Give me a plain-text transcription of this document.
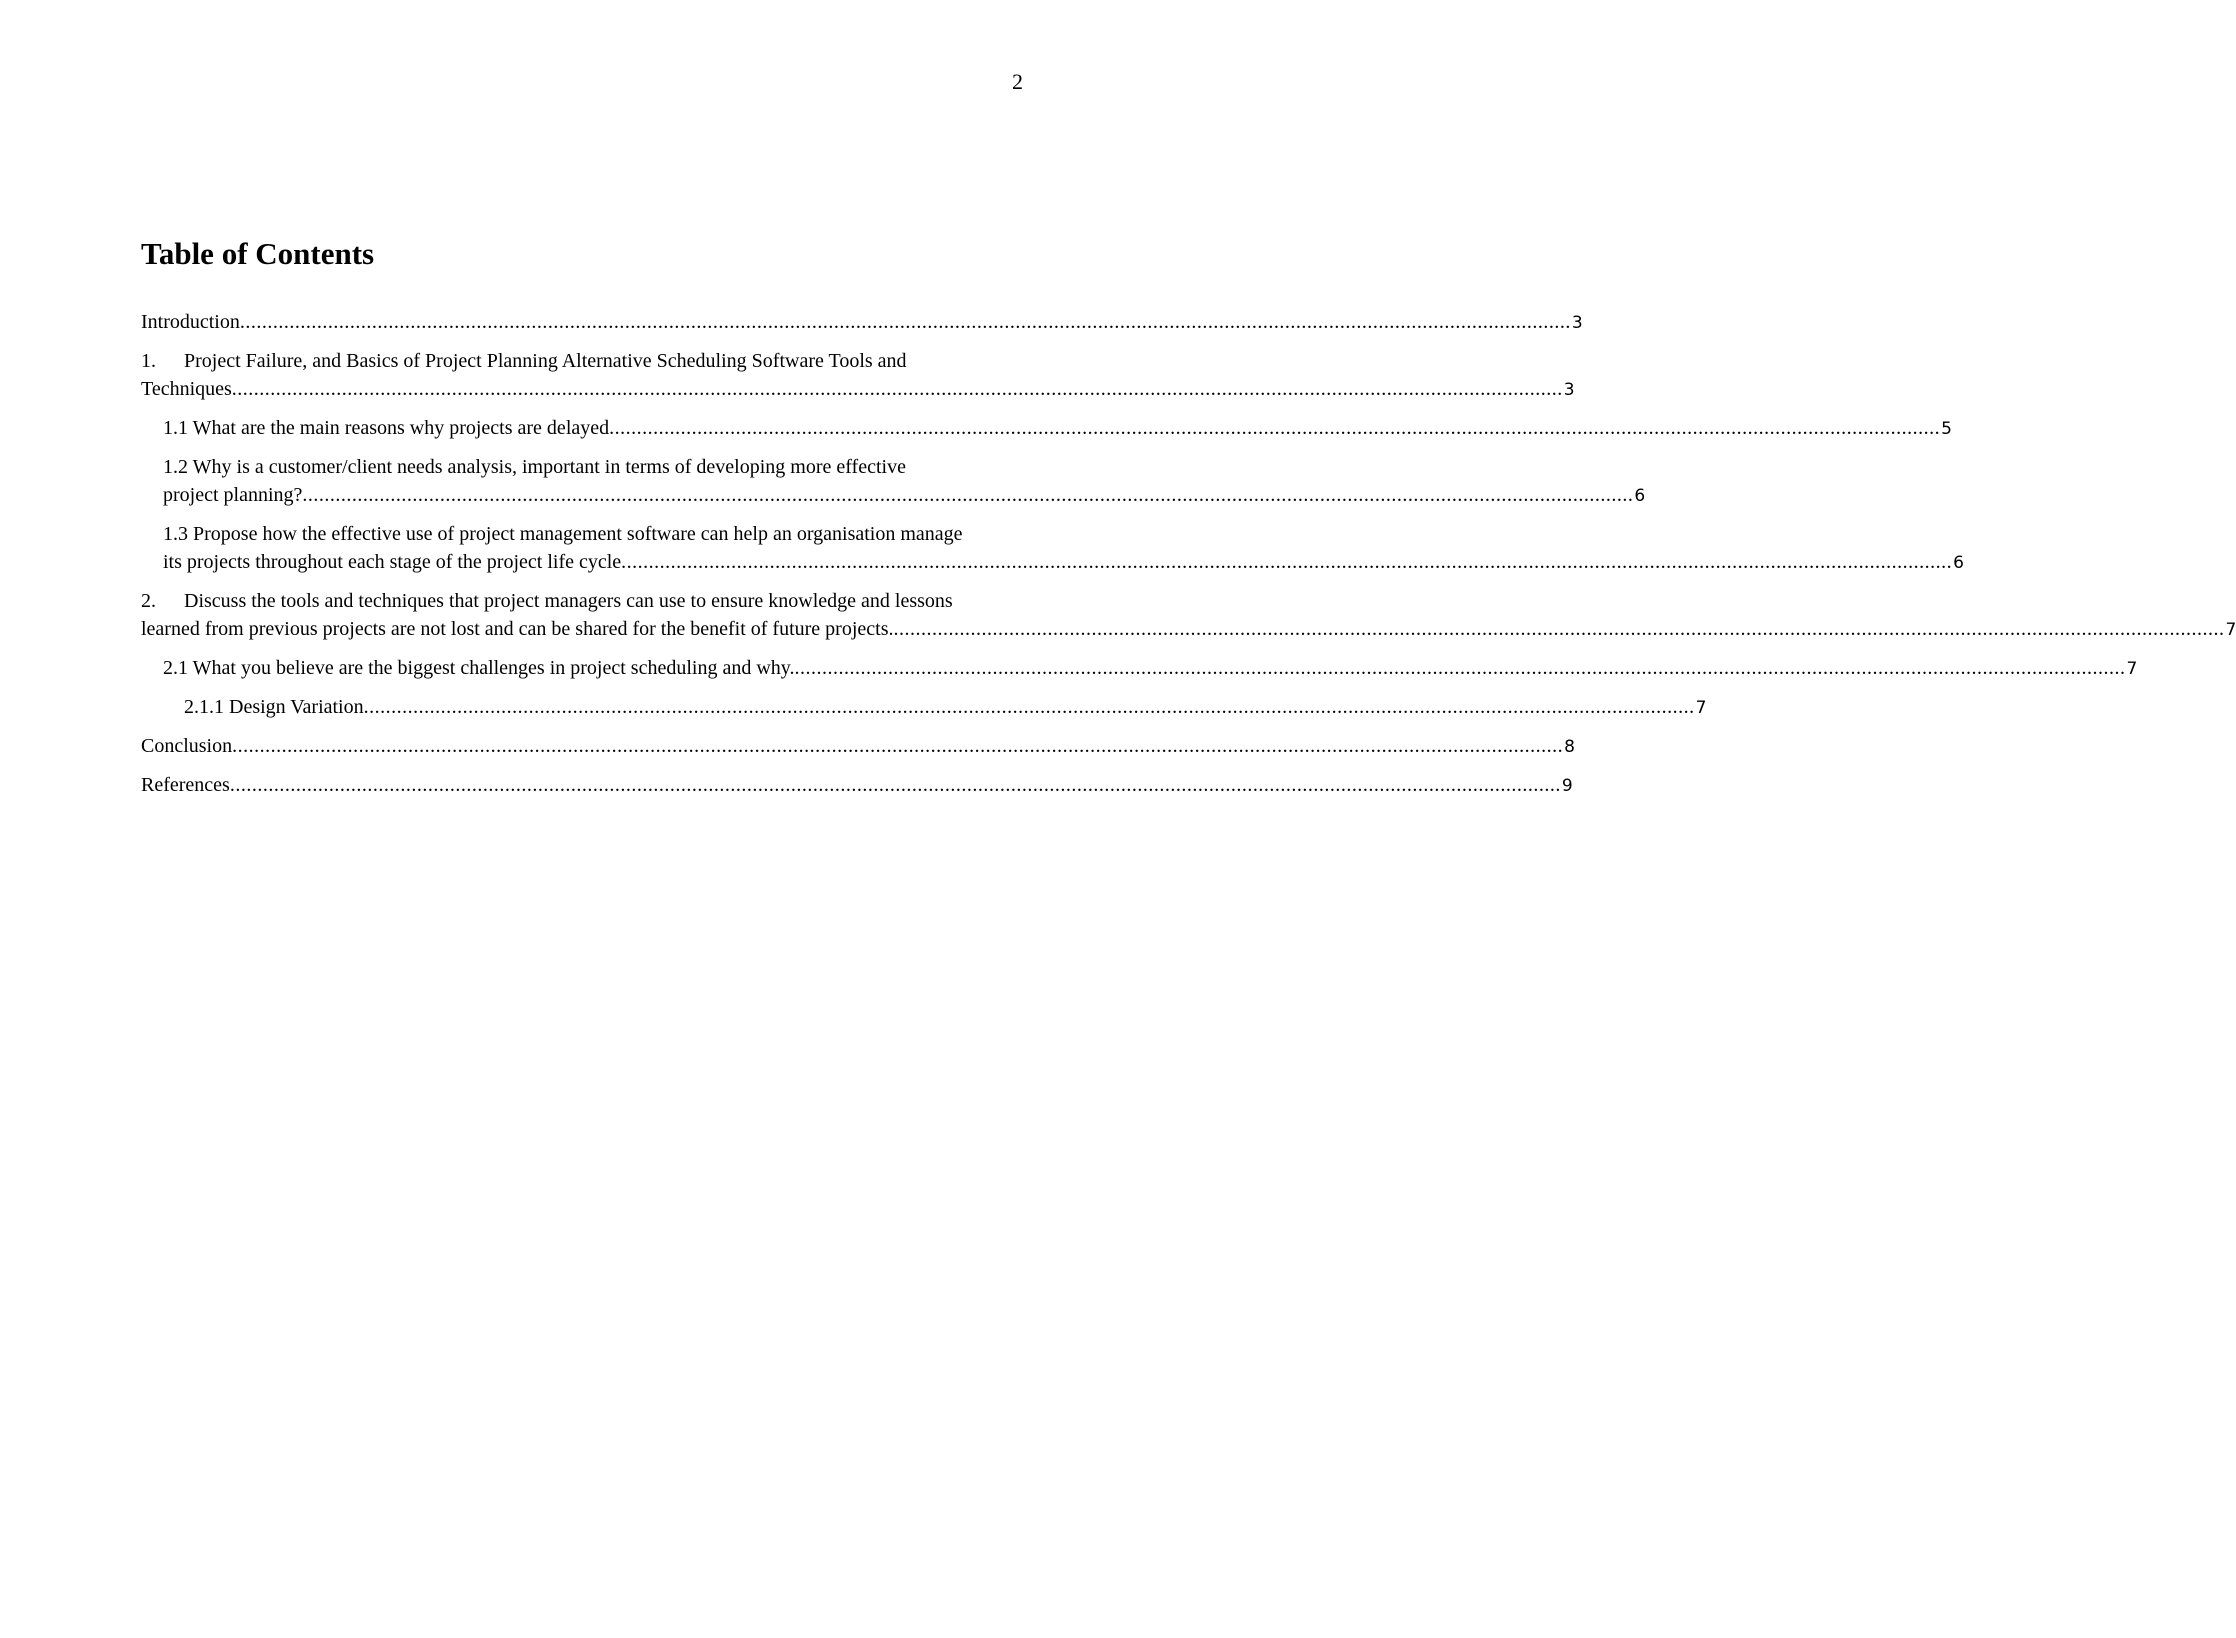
2
Table of Contents
Introduction .....	3
1. Project Failure, and Basics of Project Planning Alternative Scheduling Software Tools and
Techniques .....	3
1.1 What are the main reasons why projects are delayed .....	5
1.2 Why is a customer/client needs analysis, important in terms of developing more effective
project planning? .....	6
1.3 Propose how the effective use of project management software can help an organisation manage
its projects throughout each stage of the project life cycle .....	6
2. Discuss the tools and techniques that project managers can use to ensure knowledge and lessons
learned from previous projects are not lost and can be shared for the benefit of future projects. .....	7
2.1 What you believe are the biggest challenges in project scheduling and why. .....	7
2.1.1 Design Variation .....	7
Conclusion .....	8
References .....	9
